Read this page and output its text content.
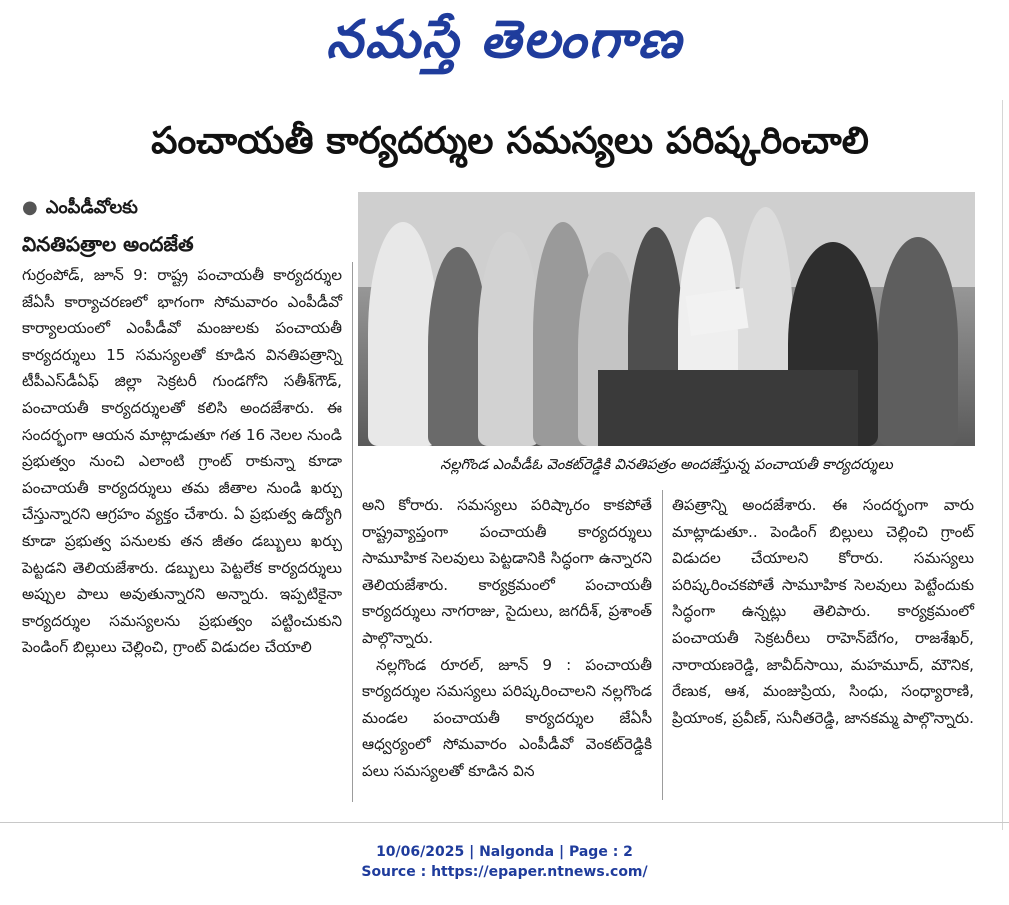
నమస్తే తెలంగాణ
పంచాయతీ కార్యదర్శుల సమస్యలు పరిష్కరించాలి
● ఎంపీడీవోలకు
వినతిపత్రాల అందజేత
నల్లగొండ ఎంపీడీఓ వెంకట్‌రెడ్డికి వినతిపత్రం అందజేస్తున్న పంచాయతీ కార్యదర్శులు

గుర్రంపోడ్, జూన్ 9: రాష్ట్ర పంచాయతీ కార్యదర్శుల జేఏసీ కార్యాచరణలో భాగంగా సోమవారం ఎంపీడీవో కార్యాలయంలో ఎంపీడీవో మంజులకు పంచాయతీ కార్యదర్శులు 15 సమస్యలతో కూడిన వినతిపత్రాన్ని టీపీఎస్‌డీఏఫ్ జిల్లా సెక్రటరీ గుండగోని సతీశ్‌గౌడ్, పంచాయతీ కార్యదర్శులతో కలిసి అందజేశారు. ఈ సందర్భంగా ఆయన మాట్లాడుతూ గత 16 నెలల నుండి ప్రభుత్వం నుంచి ఎలాంటి గ్రాంట్ రాకున్నా కూడా పంచాయతీ కార్యదర్శులు తమ జీతాల నుండి ఖర్చు చేస్తున్నారని ఆగ్రహం వ్యక్తం చేశారు. ఏ ప్రభుత్వ ఉద్యోగి కూడా ప్రభుత్వ పనులకు తన జీతం డబ్బులు ఖర్చు పెట్టడని తెలియజేశారు. డబ్బులు పెట్టలేక కార్యదర్శులు అప్పుల పాలు అవుతున్నారని అన్నారు. ఇప్పటికైనా కార్యదర్శుల సమస్యలను ప్రభుత్వం పట్టించుకుని పెండింగ్ బిల్లులు చెల్లించి, గ్రాంట్ విడుదల చేయాలి

అని కోరారు. సమస్యలు పరిష్కారం కాకపోతే రాష్ట్రవ్యాప్తంగా పంచాయతీ కార్యదర్శులు సామూహిక సెలవులు పెట్టడానికి సిద్ధంగా ఉన్నారని తెలియజేశారు. కార్యక్రమంలో పంచాయతీ కార్యదర్శులు నాగరాజు, సైదులు, జగదీశ్, ప్రశాంత్ పాల్గొన్నారు.

నల్లగొండ రూరల్, జూన్ 9 : పంచాయతీ కార్యదర్శుల సమస్యలు పరిష్కరించాలని నల్లగొండ మండల పంచాయతీ కార్యదర్శుల జేఏసీ ఆధ్వర్యంలో సోమవారం ఎంపీడీవో వెంకట్‌రెడ్డికి పలు సమస్యలతో కూడిన విన

తిపత్రాన్ని అందజేశారు. ఈ సందర్భంగా వారు మాట్లాడుతూ.. పెండింగ్ బిల్లులు చెల్లించి గ్రాంట్ విడుదల చేయాలని కోరారు. సమస్యలు పరిష్కరించకపోతే సామూహిక సెలవులు పెట్టేందుకు సిద్ధంగా ఉన్నట్లు తెలిపారు. కార్యక్రమంలో పంచాయతీ సెక్రటరీలు రాహెన్‌బేగం, రాజశేఖర్, నారాయణరెడ్డి, జావీద్‌సాయి, మహమూద్, మౌనిక, రేణుక, ఆశ, మంజుప్రియ, సింధు, సంధ్యారాణి, ప్రియాంక, ప్రవీణ్, సునీతరెడ్డి, జానకమ్మ పాల్గొన్నారు.

10/06/2025 | Nalgonda | Page : 2
Source : https://epaper.ntnews.com/
